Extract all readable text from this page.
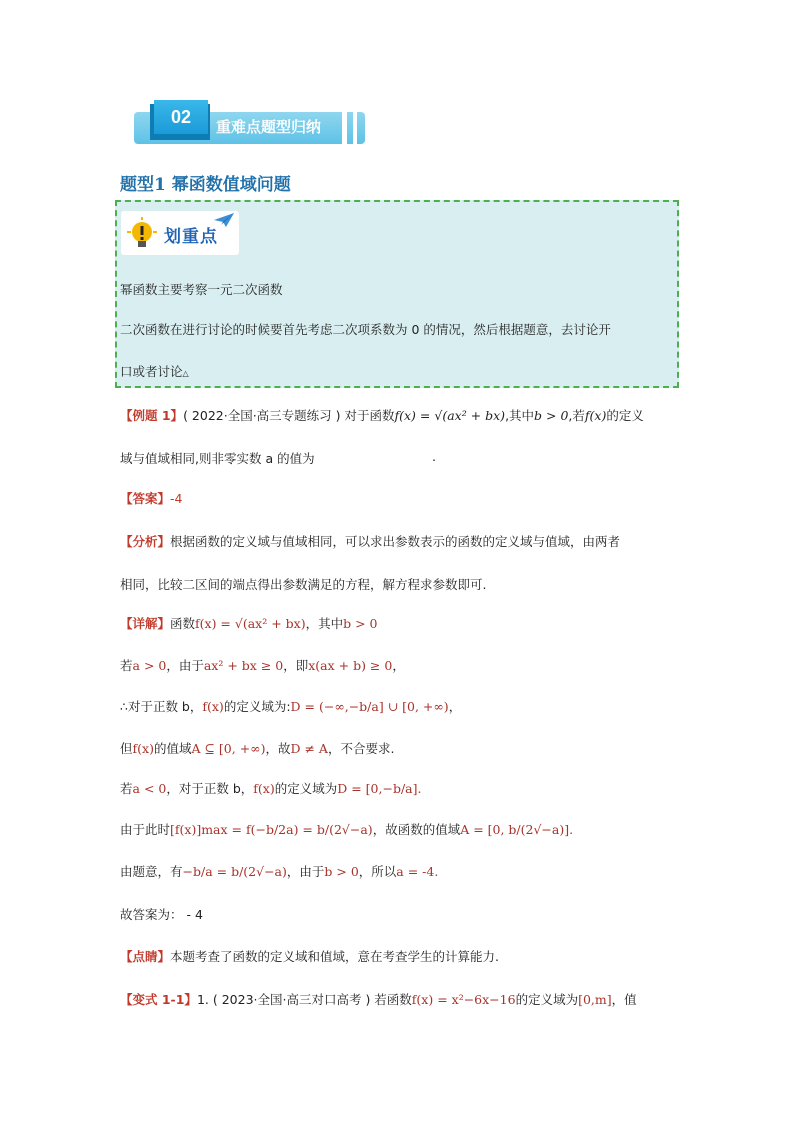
02	重难点题型归纳
题型1 幂函数值域问题
划重点
幂函数主要考察一元二次函数
二次函数在进行讨论的时候要首先考虑二次项系数为 0 的情况，然后根据题意，去讨论开
口或者讨论△
【例题 1】( 2022·全国·高三专题练习 ) 对于函数f(x) = √(ax² + bx),其中b > 0,若f(x)的定义
域与值域相同,则非零实数 a 的值为	.
【答案】-4
【分析】根据函数的定义域与值域相同，可以求出参数表示的函数的定义域与值域，由两者
相同，比较二区间的端点得出参数满足的方程，解方程求参数即可.
【详解】函数f(x) = √(ax² + bx)，其中b > 0
若a > 0，由于ax² + bx ≥ 0，即x(ax + b) ≥ 0，
∴对于正数 b，f(x)的定义域为:D = (−∞,−b/a] ∪ [0, +∞)，
但f(x)的值域A ⊆ [0, +∞)，故D ≠ A，不合要求.
若a < 0，对于正数 b，f(x)的定义域为D = [0,−b/a].
由于此时[f(x)]max = f(−b/2a) = b/(2√−a)，故函数的值域A = [0, b/(2√−a)].
由题意，有−b/a = b/(2√−a)，由于b > 0，所以a = -4.
故答案为： - 4
【点睛】本题考查了函数的定义域和值域，意在考查学生的计算能力.
【变式 1-1】1. ( 2023·全国·高三对口高考 ) 若函数f(x) = x²−6x−16的定义域为[0,m]，值
